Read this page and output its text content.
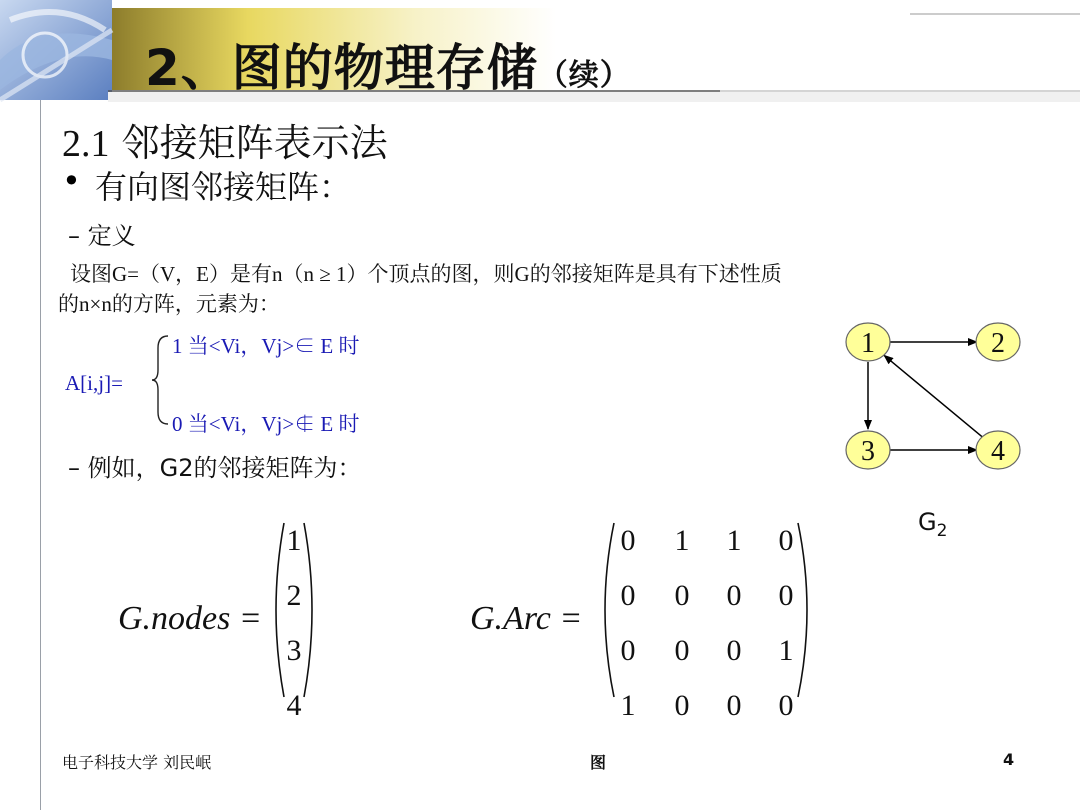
2、图的物理存储（续）
2.1 邻接矩阵表示法
• 有向图邻接矩阵：
– 定义
设图G=（V，E）是有n（n ≥ 1）个顶点的图，则G的邻接矩阵是具有下述性质
的n×n的方阵，元素为：
A[i,j]=
1 当<Vi，Vj>∈ E 时
0 当<Vi，Vj>∉ E 时
– 例如，G2的邻接矩阵为：
1	2
3	4
$G_2$
G.nodes =
1
2
3
4
G.Arc =
0 1 1 0
0 0 0 0
0 0 0 1
1 0 0 0
电子科技大学 刘民岷	图	4
